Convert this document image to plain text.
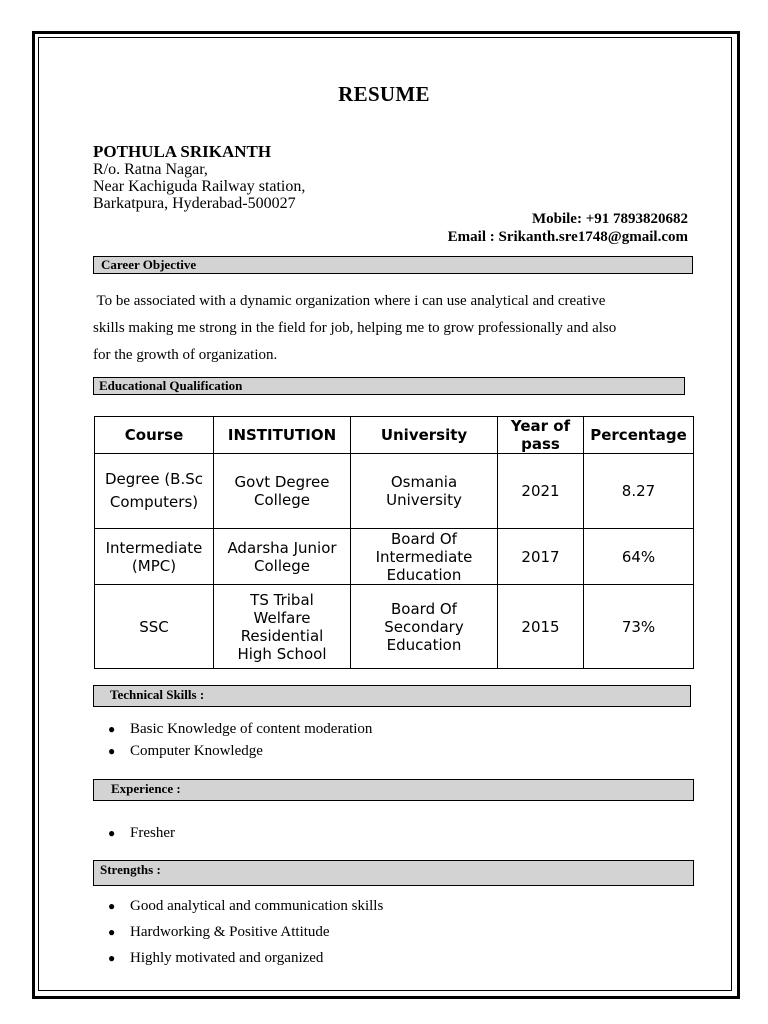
RESUME
POTHULA SRIKANTH
R/o. Ratna Nagar,
Near Kachiguda Railway station,
Barkatpura, Hyderabad-500027
Mobile: +91 7893820682
Email : Srikanth.sre1748@gmail.com
Career Objective
To be associated with a dynamic organization where i can use analytical and creative
skills making me strong in the field for job, helping me to grow professionally and also
for the growth of organization.
Educational Qualification
Course	INSTITUTION	University	Year of pass	Percentage
Degree (B.Sc Computers)	Govt Degree College	Osmania University	2021	8.27
Intermediate (MPC)	Adarsha Junior College	Board Of Intermediate Education	2017	64%
SSC	TS Tribal Welfare Residential High School	Board Of Secondary Education	2015	73%
Technical Skills :
● Basic Knowledge of content moderation
● Computer Knowledge
Experience :
● Fresher
Strengths :
● Good analytical and communication skills
● Hardworking & Positive Attitude
● Highly motivated and organized
